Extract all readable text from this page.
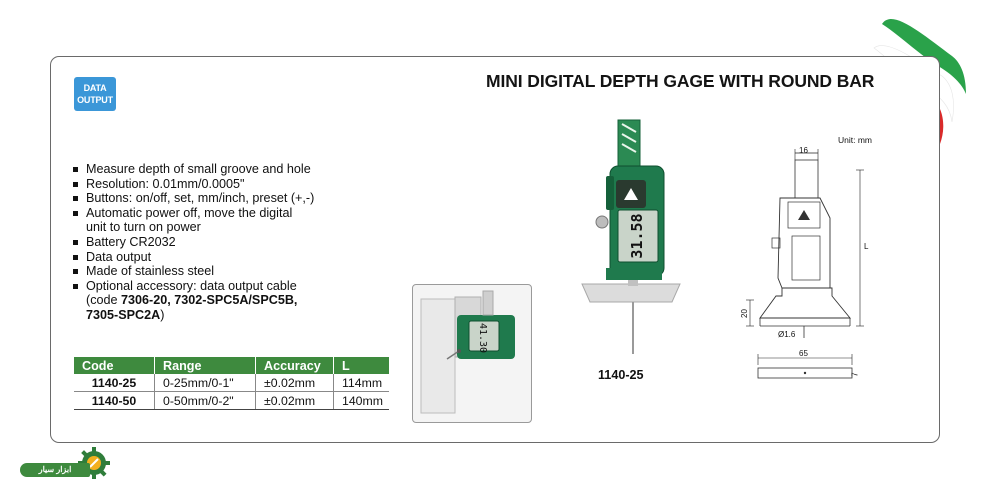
DATA
OUTPUT
MINI DIGITAL DEPTH GAGE WITH ROUND BAR
Measure depth of small groove and hole
Resolution: 0.01mm/0.0005"
Buttons: on/off, set, mm/inch, preset (+,-)
Automatic power off, move the digital
unit to turn on power
Battery CR2032
Data output
Made of stainless steel
Optional accessory: data output cable
(code 7306-20, 7302-SPC5A/SPC5B,
7305-SPC2A)
Code	Range	Accuracy	L
1140-25	0-25mm/0-1"	±0.02mm	114mm
1140-50	0-50mm/0-2"	±0.02mm	140mm
41.30
31.58
1140-25
Unit: mm
16
L
20
Ø1.6
65
7
ابزار سیار
